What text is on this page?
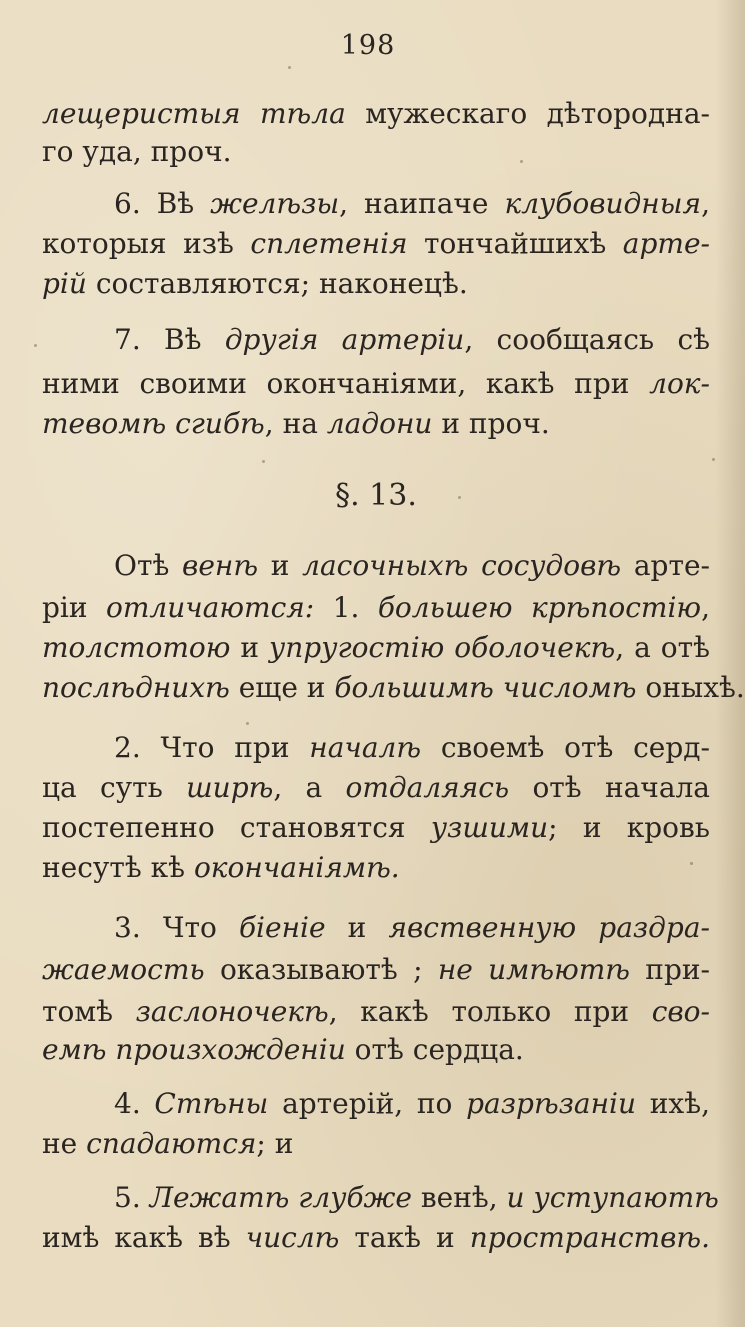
198
лещеристыя тѣла мужескаго дѣтородна-
го уда, проч.
6. Вѣ желѣзы, наипаче клубовидныя,
которыя изѣ сплетенія тончайшихѣ арте-
рій составляются; наконецѣ.
7. Вѣ другія артеріи, сообщаясь сѣ
ними своими окончаніями, какѣ при лок-
тевомѣ сгибѣ, на ладони и проч.
§. 13.
Отѣ венѣ и ласочныхѣ сосудовѣ арте-
ріи отличаются: 1. большею крѣпостію,
толстотою и упругостію оболочекѣ, а отѣ
послѣднихѣ еще и большимѣ числомѣ оныхѣ.
2. Что при началѣ своемѣ отѣ серд-
ца суть ширѣ, а отдаляясь отѣ начала
постепенно становятся узшими; и кровь
несутѣ кѣ окончаніямѣ.
3. Что біеніе и явственную раздра-
жаемость оказываютѣ ; не имѣютѣ при-
томѣ заслоночекѣ, какѣ только при сво-
емѣ произхожденіи отѣ сердца.
4. Стѣны артерій, по разрѣзаніи ихѣ,
не спадаются; и
5. Лежатѣ глубже венѣ, и уступаютѣ
имѣ какѣ вѣ числѣ такѣ и пространствѣ.
